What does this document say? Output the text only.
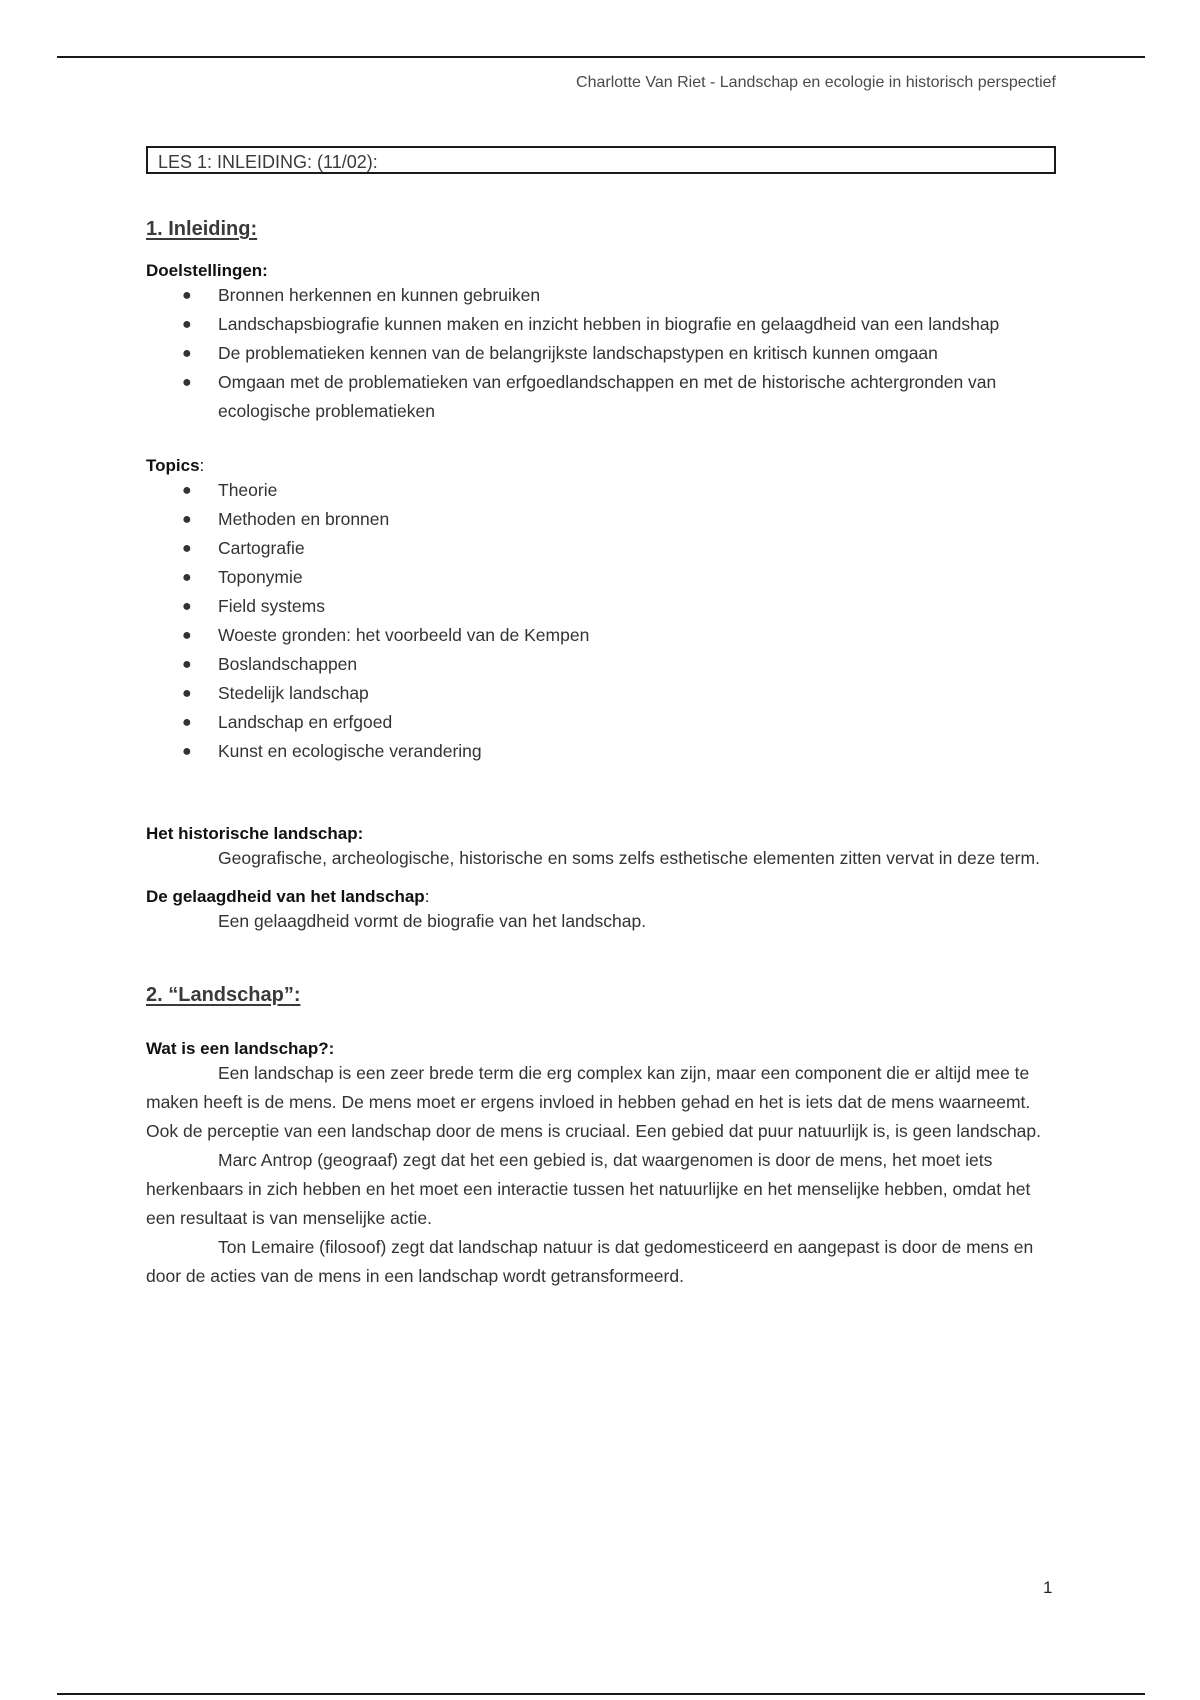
Charlotte Van Riet - Landschap en ecologie in historisch perspectief
LES 1: INLEIDING: (11/02):
1. Inleiding:

Doelstellingen:

● Bronnen herkennen en kunnen gebruiken
● Landschapsbiografie kunnen maken en inzicht hebben in biografie en gelaagdheid van een landshap
● De problematieken kennen van de belangrijkste landschapstypen en kritisch kunnen omgaan
● Omgaan met de problematieken van erfgoedlandschappen en met de historische achtergronden van ecologische problematieken

Topics:

● Theorie
● Methoden en bronnen
● Cartografie
● Toponymie
● Field systems
● Woeste gronden: het voorbeeld van de Kempen
● Boslandschappen
● Stedelijk landschap
● Landschap en erfgoed
● Kunst en ecologische verandering

Het historische landschap:

Geografische, archeologische, historische en soms zelfs esthetische elementen zitten vervat in deze term.

De gelaagdheid van het landschap:

Een gelaagdheid vormt de biografie van het landschap.

2. “Landschap”:

Wat is een landschap?:

Een landschap is een zeer brede term die erg complex kan zijn, maar een component die er altijd mee te maken heeft is de mens. De mens moet er ergens invloed in hebben gehad en het is iets dat de mens waarneemt. Ook de perceptie van een landschap door de mens is cruciaal. Een gebied dat puur natuurlijk is, is geen landschap.

Marc Antrop (geograaf) zegt dat het een gebied is, dat waargenomen is door de mens, het moet iets herkenbaars in zich hebben en het moet een interactie tussen het natuurlijke en het menselijke hebben, omdat het een resultaat is van menselijke actie.

Ton Lemaire (filosoof) zegt dat landschap natuur is dat gedomesticeerd en aangepast is door de mens en door de acties van de mens in een landschap wordt getransformeerd.

1
